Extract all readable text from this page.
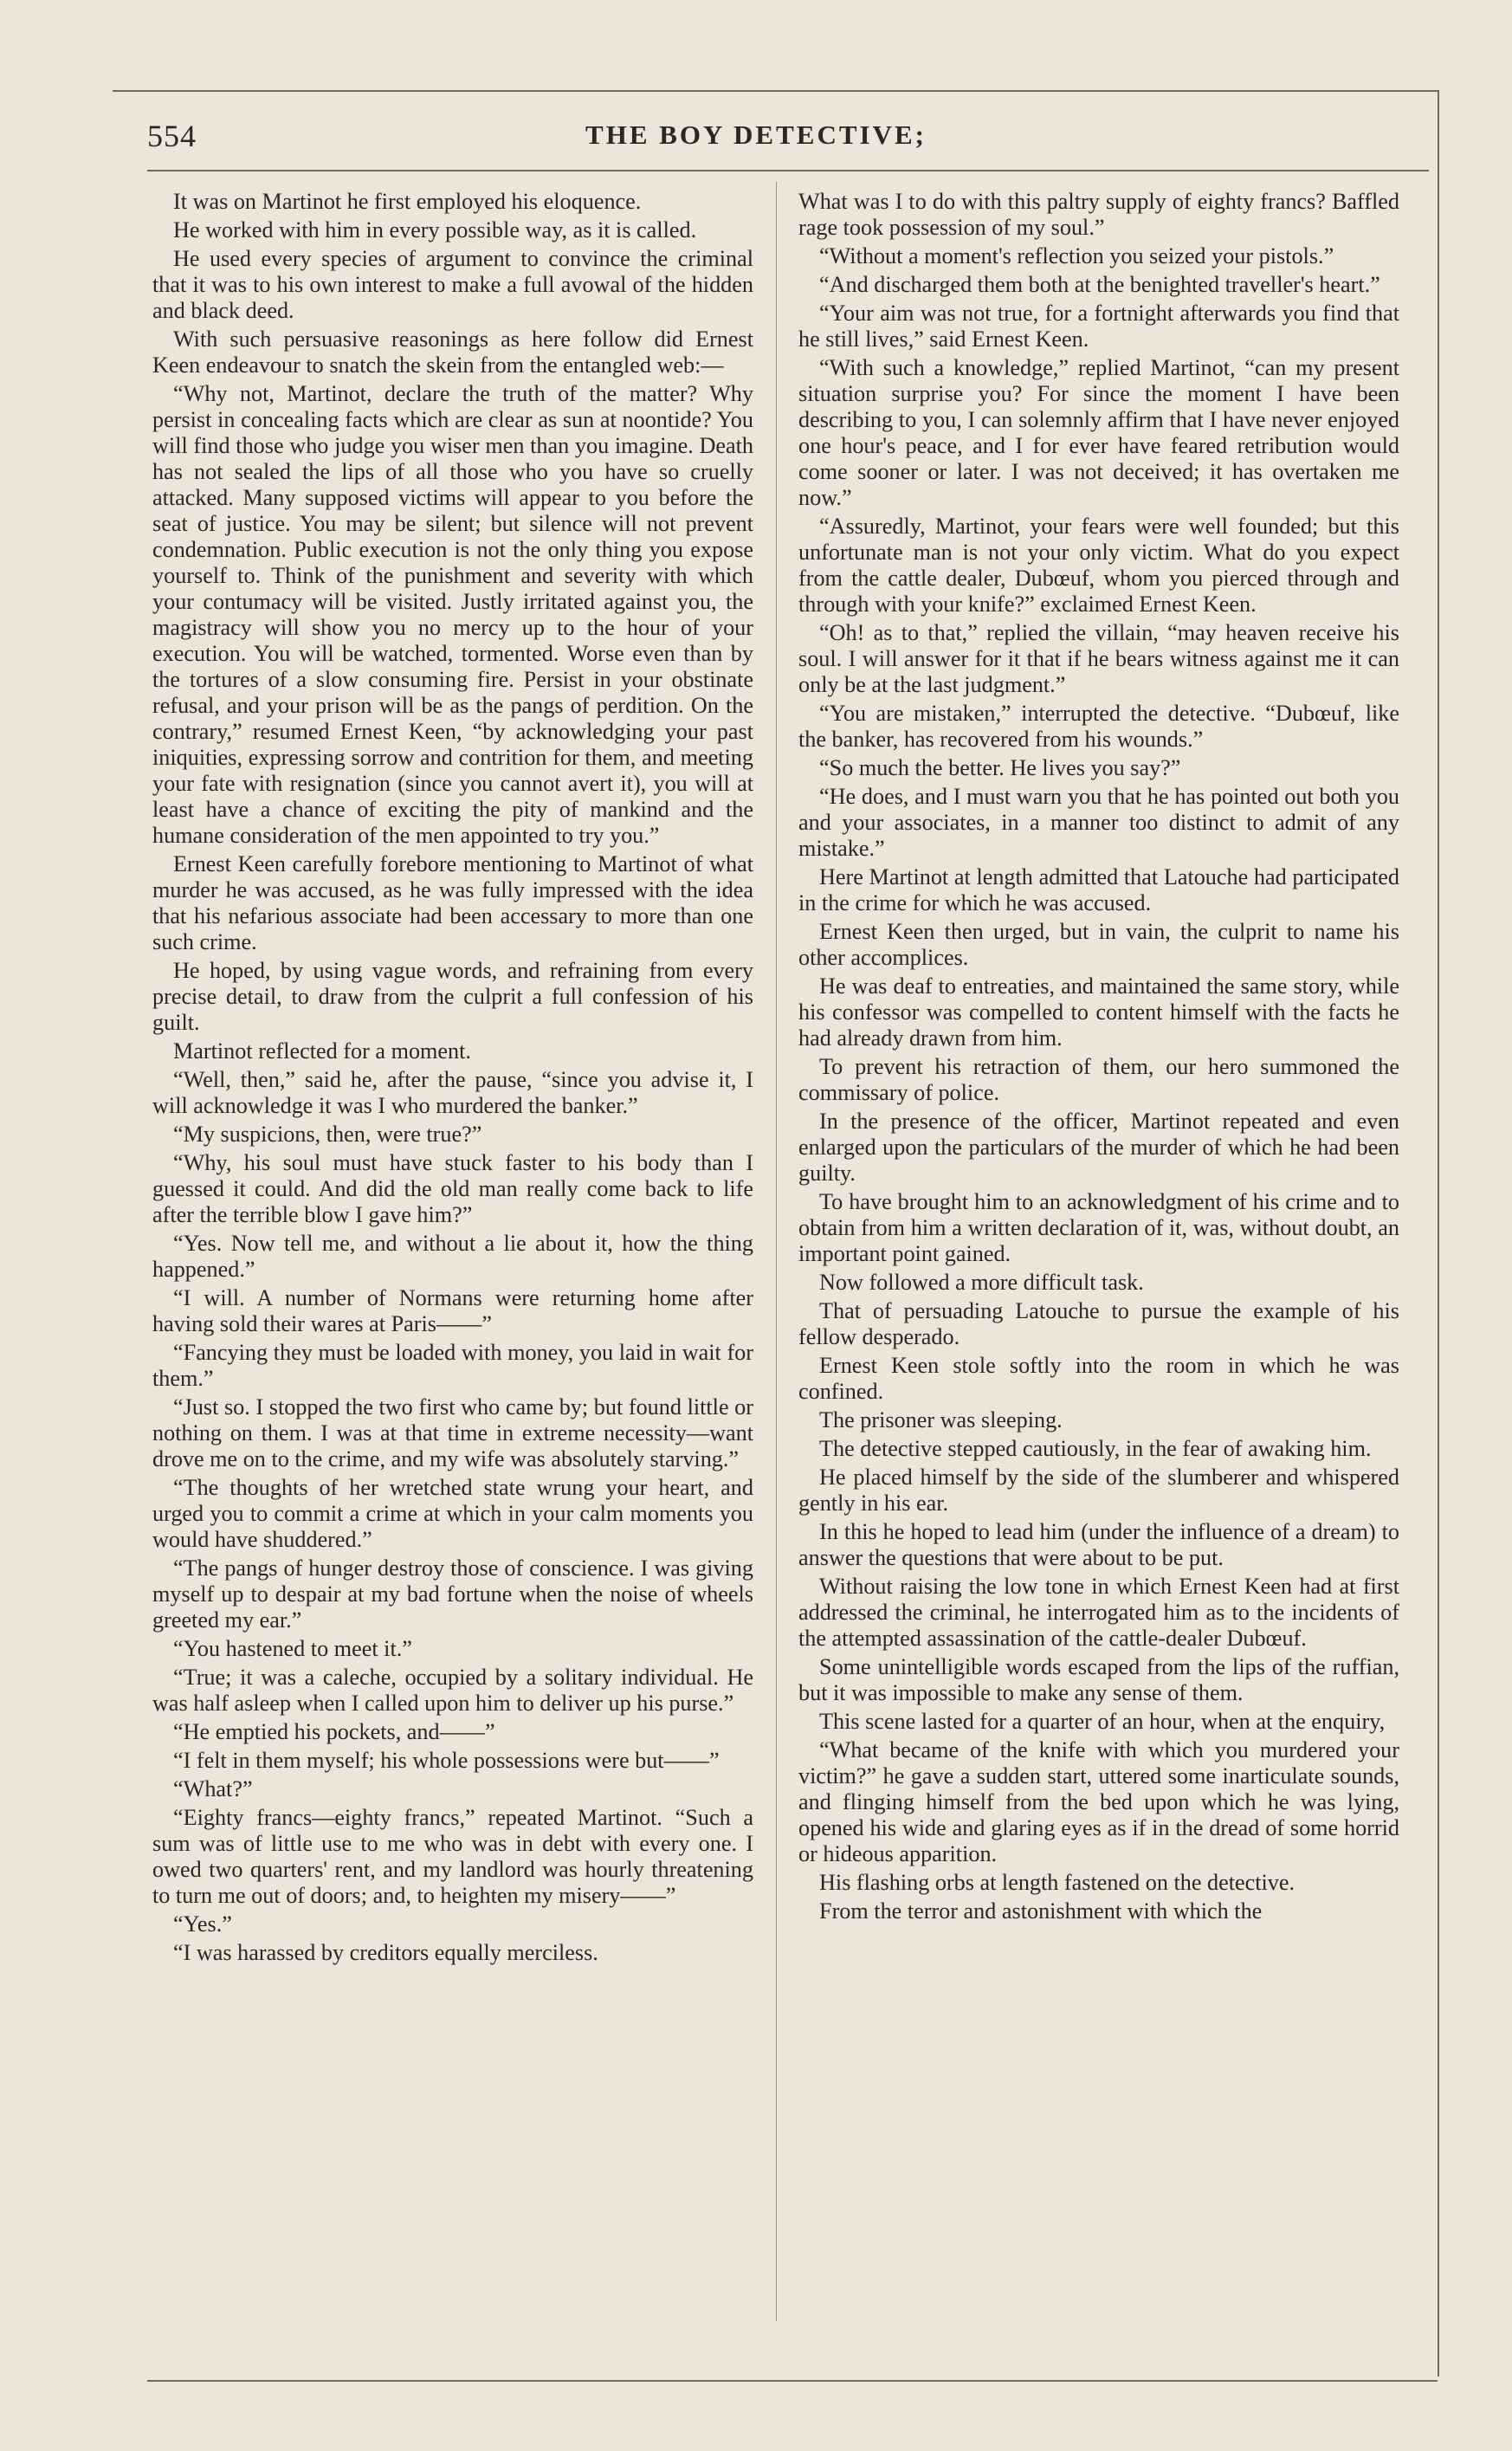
554	THE BOY DETECTIVE;

It was on Martinot he first employed his eloquence.

He worked with him in every possible way, as it is called.

He used every species of argument to convince the criminal that it was to his own interest to make a full avowal of the hidden and black deed.

With such persuasive reasonings as here follow did Ernest Keen endeavour to snatch the skein from the entangled web:—

“Why not, Martinot, declare the truth of the matter? Why persist in concealing facts which are clear as sun at noontide? You will find those who judge you wiser men than you imagine. Death has not sealed the lips of all those who you have so cruelly attacked. Many supposed victims will appear to you before the seat of justice. You may be silent; but silence will not prevent condemnation. Public execution is not the only thing you expose yourself to. Think of the punishment and severity with which your contumacy will be visited. Justly irritated against you, the magistracy will show you no mercy up to the hour of your execution. You will be watched, tormented. Worse even than by the tortures of a slow consuming fire. Persist in your obstinate refusal, and your prison will be as the pangs of perdition. On the contrary,” resumed Ernest Keen, “by acknowledging your past iniquities, expressing sorrow and contrition for them, and meeting your fate with resignation (since you cannot avert it), you will at least have a chance of exciting the pity of mankind and the humane consideration of the men appointed to try you.”

Ernest Keen carefully forebore mentioning to Martinot of what murder he was accused, as he was fully impressed with the idea that his nefarious associate had been accessary to more than one such crime.

He hoped, by using vague words, and refraining from every precise detail, to draw from the culprit a full confession of his guilt.

Martinot reflected for a moment.

“Well, then,” said he, after the pause, “since you advise it, I will acknowledge it was I who murdered the banker.”

“My suspicions, then, were true?”

“Why, his soul must have stuck faster to his body than I guessed it could. And did the old man really come back to life after the terrible blow I gave him?”

“Yes. Now tell me, and without a lie about it, how the thing happened.”

“I will. A number of Normans were returning home after having sold their wares at Paris——”

“Fancying they must be loaded with money, you laid in wait for them.”

“Just so. I stopped the two first who came by; but found little or nothing on them. I was at that time in extreme necessity—want drove me on to the crime, and my wife was absolutely starving.”

“The thoughts of her wretched state wrung your heart, and urged you to commit a crime at which in your calm moments you would have shuddered.”

“The pangs of hunger destroy those of conscience. I was giving myself up to despair at my bad fortune when the noise of wheels greeted my ear.”

“You hastened to meet it.”

“True; it was a caleche, occupied by a solitary individual. He was half asleep when I called upon him to deliver up his purse.”

“He emptied his pockets, and——”

“I felt in them myself; his whole possessions were but——”

“What?”

“Eighty francs—eighty francs,” repeated Martinot. “Such a sum was of little use to me who was in debt with every one. I owed two quarters' rent, and my landlord was hourly threatening to turn me out of doors; and, to heighten my misery——”

“Yes.”

“I was harassed by creditors equally merciless.

What was I to do with this paltry supply of eighty francs? Baffled rage took possession of my soul.”

“Without a moment's reflection you seized your pistols.”

“And discharged them both at the benighted traveller's heart.”

“Your aim was not true, for a fortnight afterwards you find that he still lives,” said Ernest Keen.

“With such a knowledge,” replied Martinot, “can my present situation surprise you? For since the moment I have been describing to you, I can solemnly affirm that I have never enjoyed one hour's peace, and I for ever have feared retribution would come sooner or later. I was not deceived; it has overtaken me now.”

“Assuredly, Martinot, your fears were well founded; but this unfortunate man is not your only victim. What do you expect from the cattle dealer, Dubœuf, whom you pierced through and through with your knife?” exclaimed Ernest Keen.

“Oh! as to that,” replied the villain, “may heaven receive his soul. I will answer for it that if he bears witness against me it can only be at the last judgment.”

“You are mistaken,” interrupted the detective. “Dubœuf, like the banker, has recovered from his wounds.”

“So much the better. He lives you say?”

“He does, and I must warn you that he has pointed out both you and your associates, in a manner too distinct to admit of any mistake.”

Here Martinot at length admitted that Latouche had participated in the crime for which he was accused.

Ernest Keen then urged, but in vain, the culprit to name his other accomplices.

He was deaf to entreaties, and maintained the same story, while his confessor was compelled to content himself with the facts he had already drawn from him.

To prevent his retraction of them, our hero summoned the commissary of police.

In the presence of the officer, Martinot repeated and even enlarged upon the particulars of the murder of which he had been guilty.

To have brought him to an acknowledgment of his crime and to obtain from him a written declaration of it, was, without doubt, an important point gained.

Now followed a more difficult task.

That of persuading Latouche to pursue the example of his fellow desperado.

Ernest Keen stole softly into the room in which he was confined.

The prisoner was sleeping.

The detective stepped cautiously, in the fear of awaking him.

He placed himself by the side of the slumberer and whispered gently in his ear.

In this he hoped to lead him (under the influence of a dream) to answer the questions that were about to be put.

Without raising the low tone in which Ernest Keen had at first addressed the criminal, he interrogated him as to the incidents of the attempted assassination of the cattle-dealer Dubœuf.

Some unintelligible words escaped from the lips of the ruffian, but it was impossible to make any sense of them.

This scene lasted for a quarter of an hour, when at the enquiry,

“What became of the knife with which you murdered your victim?” he gave a sudden start, uttered some inarticulate sounds, and flinging himself from the bed upon which he was lying, opened his wide and glaring eyes as if in the dread of some horrid or hideous apparition.

His flashing orbs at length fastened on the detective.

From the terror and astonishment with which the
